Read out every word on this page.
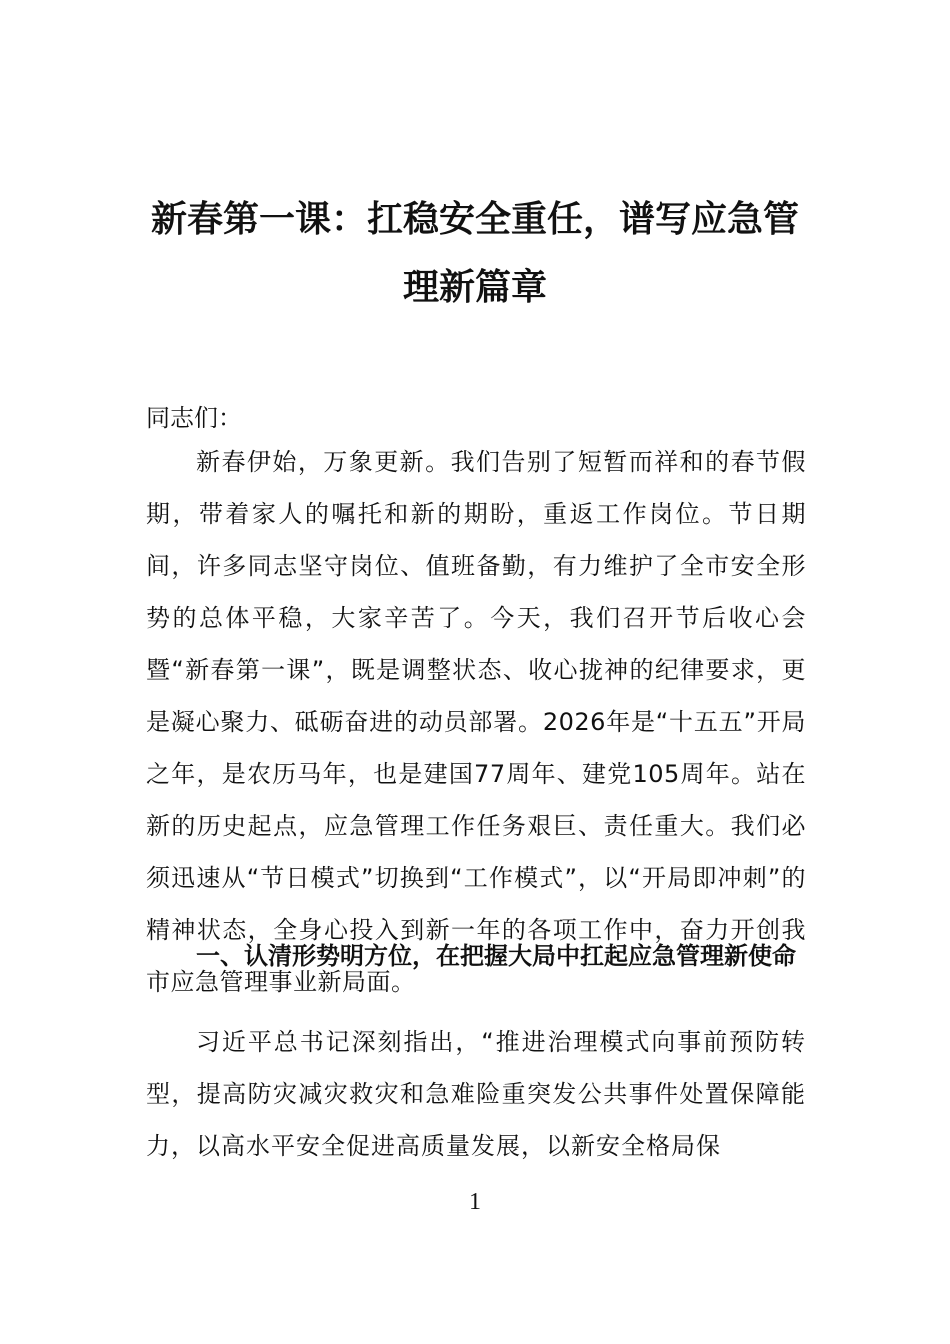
新春第一课：扛稳安全重任，谱写应急管
理新篇章

同志们：

新春伊始，万象更新。我们告别了短暂而祥和的春节假期，带着家人的嘱托和新的期盼，重返工作岗位。节日期间，许多同志坚守岗位、值班备勤，有力维护了全市安全形势的总体平稳，大家辛苦了。今天，我们召开节后收心会暨“新春第一课”，既是调整状态、收心拢神的纪律要求，更是凝心聚力、砥砺奋进的动员部署。2026年是“十五五”开局之年，是农历马年，也是建国77周年、建党105周年。站在新的历史起点，应急管理工作任务艰巨、责任重大。我们必须迅速从“节日模式”切换到“工作模式”，以“开局即冲刺”的精神状态，全身心投入到新一年的各项工作中，奋力开创我市应急管理事业新局面。

一、认清形势明方位，在把握大局中扛起应急管理新使命

习近平总书记深刻指出，“推进治理模式向事前预防转型，提高防灾减灾救灾和急难险重突发公共事件处置保障能力，以高水平安全促进高质量发展，以新安全格局保

1
